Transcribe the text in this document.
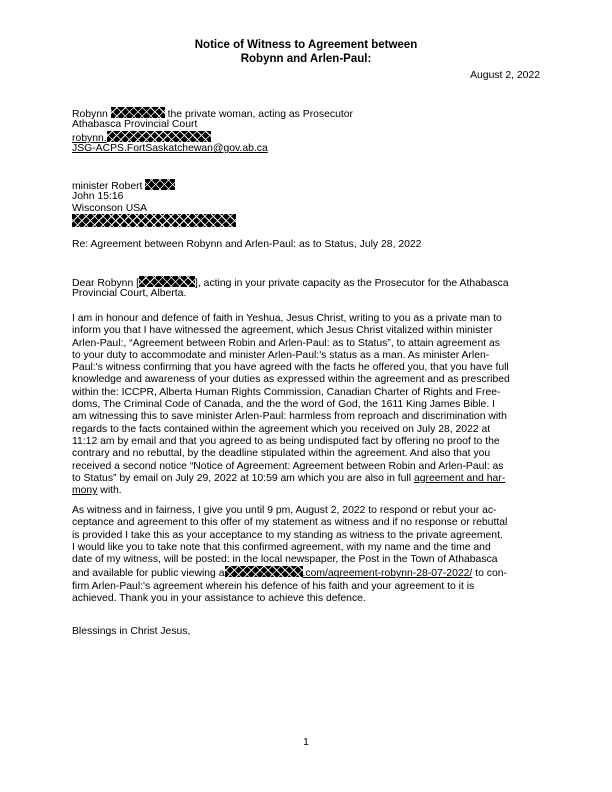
Notice of Witness to Agreement between
Robynn and Arlen-Paul:
August 2, 2022
Robynn	the private woman, acting as Prosecutor
Athabasca Provincial Court
robynn.
JSG-ACPS.FortSaskatchewan@gov.ab.ca
minister Robert
John 15:16
Wisconson USA
Re: Agreement between Robynn and Arlen-Paul: as to Status, July 28, 2022
Dear Robynn [	], acting in your private capacity as the Prosecutor for the Athabasca
Provincial Court, Alberta.
I am in honour and defence of faith in Yeshua, Jesus Christ, writing to you as a private man to
inform you that I have witnessed the agreement, which Jesus Christ vitalized within minister
Arlen-Paul:, “Agreement between Robin and Arlen-Paul: as to Status”, to attain agreement as
to your duty to accommodate and minister Arlen-Paul:'s status as a man. As minister Arlen-
Paul:'s witness confirming that you have agreed with the facts he offered you, that you have full
knowledge and awareness of your duties as expressed within the agreement and as prescribed
within the: ICCPR, Alberta Human Rights Commission, Canadian Charter of Rights and Free-
doms, The Criminal Code of Canada, and the the word of God, the 1611 King James Bible. I
am witnessing this to save minister Arlen-Paul: harmless from reproach and discrimination with
regards to the facts contained within the agreement which you received on July 28, 2022 at
11:12 am by email and that you agreed to as being undisputed fact by offering no proof to the
contrary and no rebuttal, by the deadline stipulated within the agreement. And also that you
received a second notice “Notice of Agreement: Agreement between Robin and Arlen-Paul: as
to Status” by email on July 29, 2022 at 10:59 am which you are also in full agreement and har-
mony with.
As witness and in fairness, I give you until 9 pm, August 2, 2022 to respond or rebut your ac-
ceptance and agreement to this offer of my statement as witness and if no response or rebuttal
is provided I take this as your acceptance to my standing as witness to the private agreement.
I would like you to take note that this confirmed agreement, with my name and the time and
date of my witness, will be posted: in the local newspaper, the Post in the Town of Athabasca
and available for public viewing a	.com/agreement-robynn-28-07-2022/ to con-
firm Arlen-Paul:'s agreement wherein his defence of his faith and your agreement to it is
achieved. Thank you in your assistance to achieve this defence.
Blessings in Christ Jesus,
1
